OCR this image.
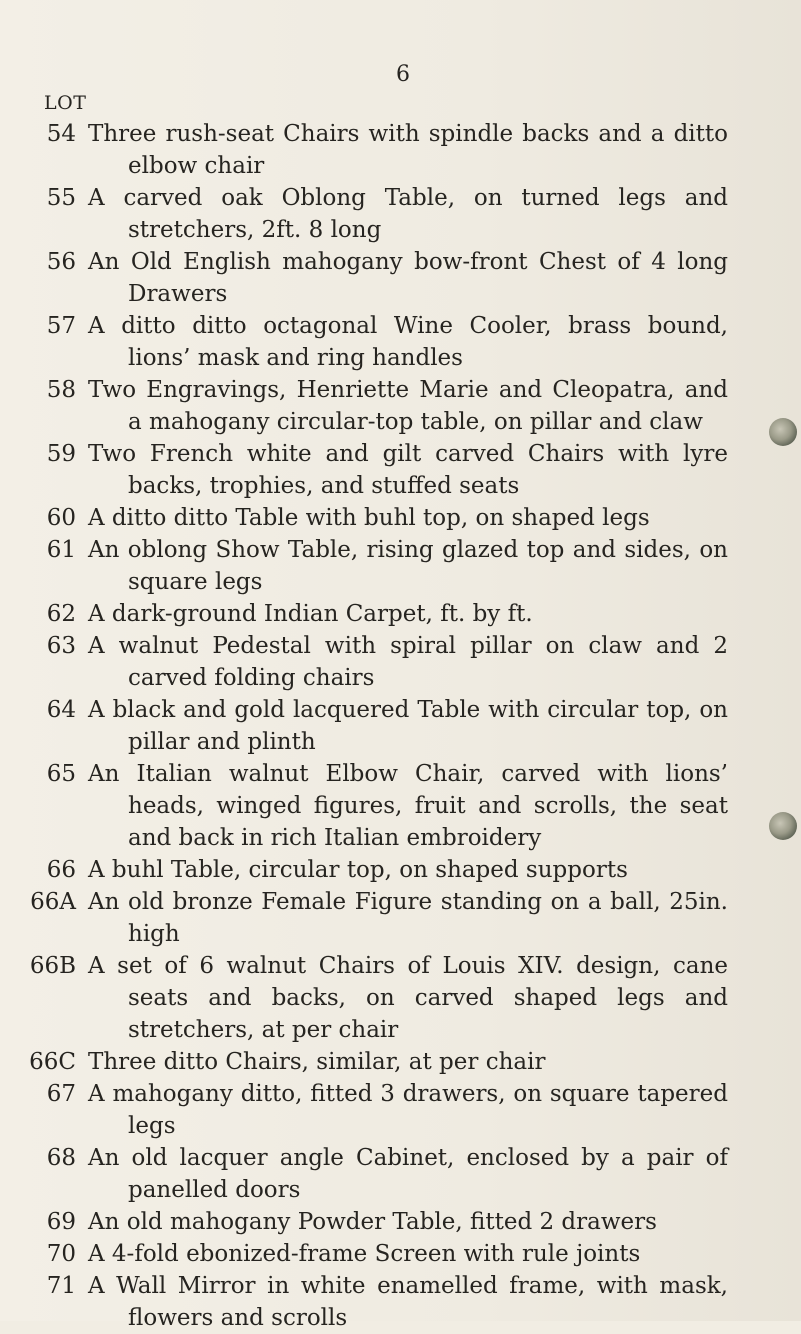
6
LOT
54 Three rush-seat Chairs with spindle backs and a ditto elbow chair
55 A carved oak Oblong Table, on turned legs and stretchers, 2ft. 8 long
56 An Old English mahogany bow-front Chest of 4 long Drawers
57 A ditto ditto octagonal Wine Cooler, brass bound, lions’ mask and ring handles
58 Two Engravings, Henriette Marie and Cleopatra, and a mahogany circular-top table, on pillar and claw
59 Two French white and gilt carved Chairs with lyre backs, trophies, and stuffed seats
60 A ditto ditto Table with buhl top, on shaped legs
61 An oblong Show Table, rising glazed top and sides, on square legs
62 A dark-ground Indian Carpet, ft. by ft.
63 A walnut Pedestal with spiral pillar on claw and 2 carved folding chairs
64 A black and gold lacquered Table with circular top, on pillar and plinth
65 An Italian walnut Elbow Chair, carved with lions’ heads, winged figures, fruit and scrolls, the seat and back in rich Italian embroidery
66 A buhl Table, circular top, on shaped supports
66A An old bronze Female Figure standing on a ball, 25in. high
66B A set of 6 walnut Chairs of Louis XIV. design, cane seats and backs, on carved shaped legs and stretchers, at per chair
66C Three ditto Chairs, similar, at per chair
67 A mahogany ditto, fitted 3 drawers, on square tapered legs
68 An old lacquer angle Cabinet, enclosed by a pair of panelled doors
69 An old mahogany Powder Table, fitted 2 drawers
70 A 4-fold ebonized-frame Screen with rule joints
71 A Wall Mirror in white enamelled frame, with mask, flowers and scrolls
